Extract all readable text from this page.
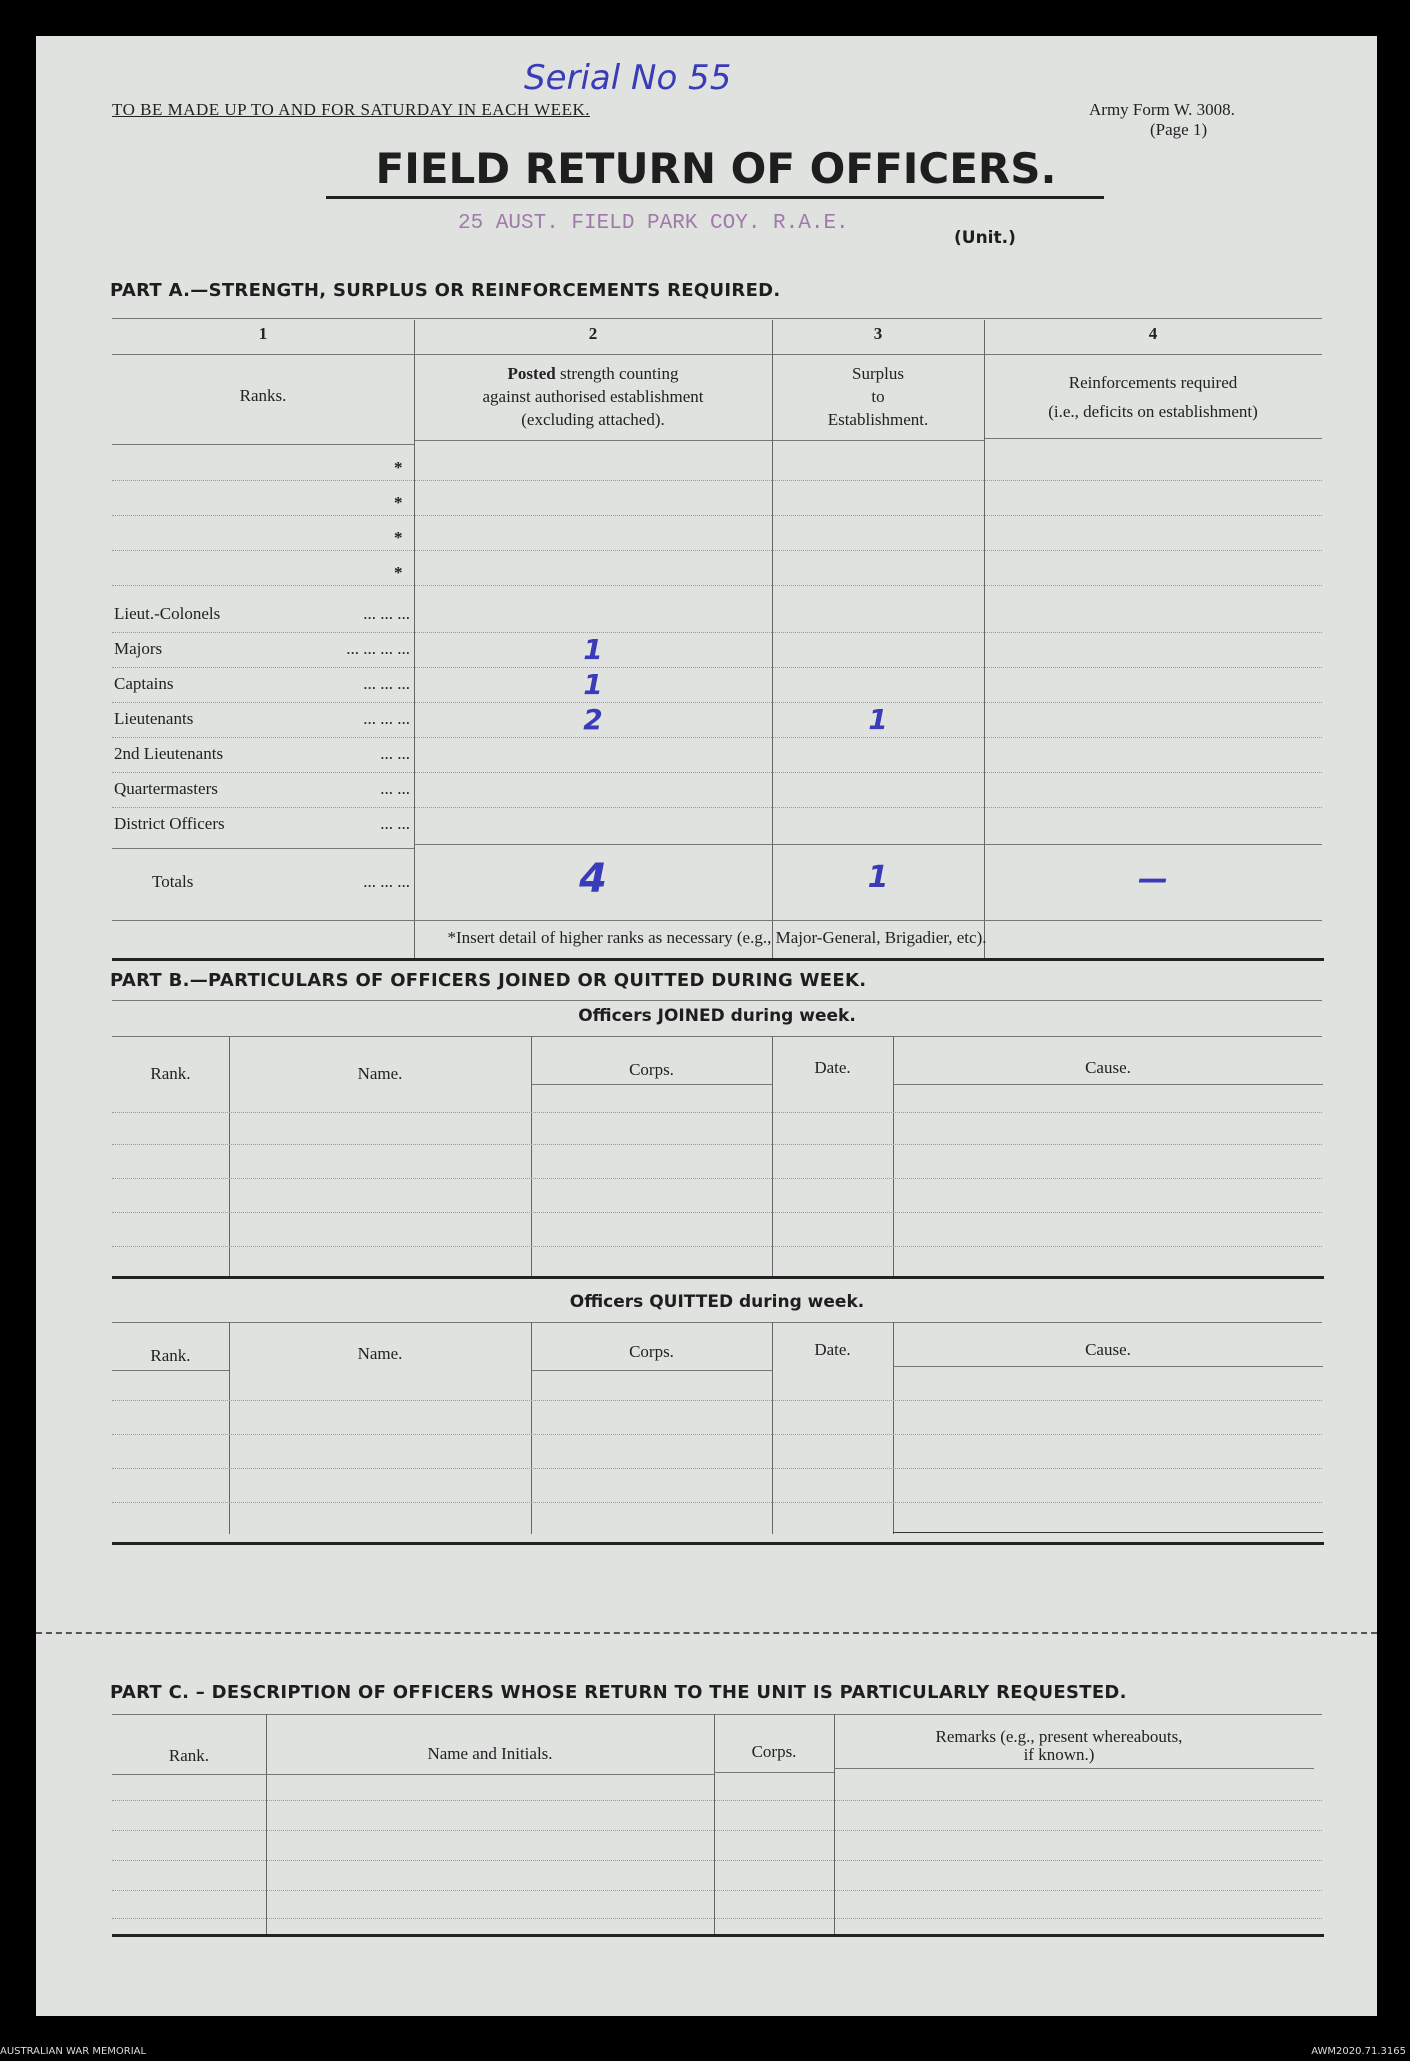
TO BE MADE UP TO AND FOR SATURDAY IN EACH WEEK.	Army Form W. 3008.
(Page 1)
Serial No 55
FIELD RETURN OF OFFICERS.
25 AUST. FIELD PARK COY. R.A.E.
(Unit.)
PART A.—STRENGTH, SURPLUS OR REINFORCEMENTS REQUIRED.
1	2	3	4
Ranks.
Posted strength counting
against authorised establishment
(excluding attached).
Surplus
to
Establishment.
Reinforcements required
(i.e., deficits on establishment)
*
*
*
*
Lieut.-Colonels	... ... ...
Majors	... ... ... ...	1
Captains	... ... ...	1
Lieutenants	... ... ...	2	1
2nd Lieutenants	... ...
Quartermasters	... ...
District Officers	... ...
Totals	... ... ...	4	1	—
*Insert detail of higher ranks as necessary (e.g., Major-General, Brigadier, etc).
PART B.—PARTICULARS OF OFFICERS JOINED OR QUITTED DURING WEEK.
Officers JOINED during week.
Rank.	Name.	Corps.	Date.	Cause.
Officers QUITTED during week.
Rank.	Name.	Corps.	Date.	Cause.
PART C. – DESCRIPTION OF OFFICERS WHOSE RETURN TO THE UNIT IS PARTICULARLY REQUESTED.
Rank.	Name and Initials.	Corps.
Remarks (e.g., present whereabouts,
if known.)
AUSTRALIAN WAR MEMORIAL	AWM2020.71.3165
